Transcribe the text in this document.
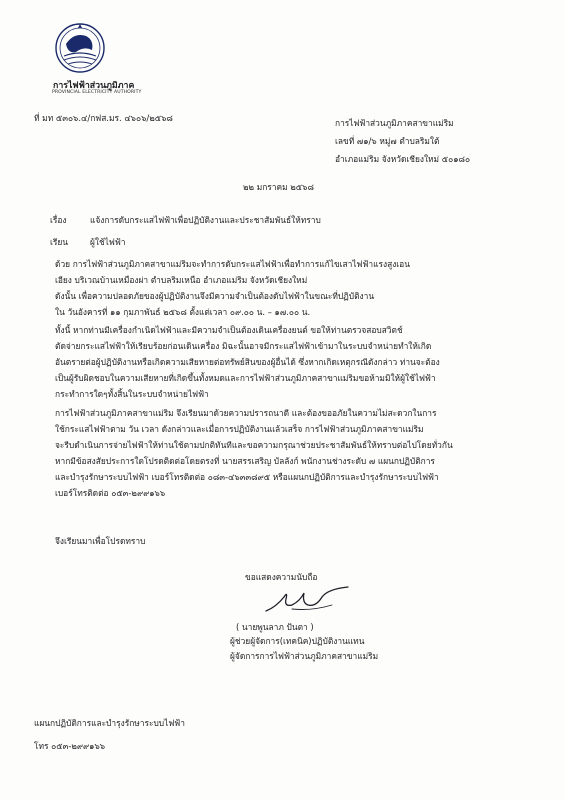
การไฟฟ้าส่วนภูมิภาค
PROVINCIAL ELECTRICITY AUTHORITY
ที่ มท ๕๓๐๖.๔/กฟส.มร. ๔๖๐๖/๒๕๖๘	การไฟฟ้าส่วนภูมิภาคสาขาแม่ริม
เลขที่ ๗๑/๖ หมู่๗ ตำบลริมใต้
อำเภอแม่ริม จังหวัดเชียงใหม่ ๕๐๑๘๐
๒๒ มกราคม ๒๕๖๘
เรื่อง	แจ้งการดับกระแสไฟฟ้าเพื่อปฏิบัติงานและประชาสัมพันธ์ให้ทราบ
เรียน	ผู้ใช้ไฟฟ้า
ด้วย การไฟฟ้าส่วนภูมิภาคสาขาแม่ริมจะทำการดับกระแสไฟฟ้าเพื่อทำการแก้ไขเสาไฟฟ้าแรงสูงเอน
เอียง บริเวณบ้านเหมืองผ่า ตำบลริมเหนือ อำเภอแม่ริม จังหวัดเชียงใหม่
ดังนั้น เพื่อความปลอดภัยของผู้ปฏิบัติงานจึงมีความจำเป็นต้องดับไฟฟ้าในขณะที่ปฏิบัติงาน
ใน วันอังคารที่ ๑๑ กุมภาพันธ์ ๒๕๖๘ ตั้งแต่เวลา ๐๙.๐๐ น. – ๑๗.๐๐ น.
ทั้งนี้ หากท่านมีเครื่องกำเนิดไฟฟ้าและมีความจำเป็นต้องเดินเครื่องยนต์ ขอให้ท่านตรวจสอบสวิตช์
ตัดจ่ายกระแสไฟฟ้าให้เรียบร้อยก่อนเดินเครื่อง มิฉะนั้นอาจมีกระแสไฟฟ้าเข้ามาในระบบจำหน่ายทำให้เกิด
อันตรายต่อผู้ปฏิบัติงานหรือเกิดความเสียหายต่อทรัพย์สินของผู้อื่นได้ ซึ่งหากเกิดเหตุกรณีดังกล่าว ท่านจะต้อง
เป็นผู้รับผิดชอบในความเสียหายที่เกิดขึ้นทั้งหมดและการไฟฟ้าส่วนภูมิภาคสาขาแม่ริมขอห้ามมิให้ผู้ใช้ไฟฟ้า
กระทำการใดๆทั้งสิ้นในระบบจำหน่ายไฟฟ้า
การไฟฟ้าส่วนภูมิภาคสาขาแม่ริม จึงเรียนมาด้วยความปรารถนาดี และต้องขออภัยในความไม่สะดวกในการ
ใช้กระแสไฟฟ้าตาม วัน เวลา ดังกล่าวและเมื่อการปฏิบัติงานแล้วเสร็จ การไฟฟ้าส่วนภูมิภาคสาขาแม่ริม
จะรีบดำเนินการจ่ายไฟฟ้าให้ท่านใช้ตามปกติทันทีและขอความกรุณาช่วยประชาสัมพันธ์ให้ทราบต่อไปโดยทั่วกัน
หากมีข้อสงสัยประการใดโปรดติดต่อโดยตรงที่ นายสรรเสริญ บัลลังก์ พนักงานช่างระดับ ๗ แผนกปฏิบัติการ
และบำรุงรักษาระบบไฟฟ้า เบอร์โทรติดต่อ ๐๘๓-๔๖๓๓๘๙๕ หรือแผนกปฏิบัติการและบำรุงรักษาระบบไฟฟ้า
เบอร์โทรติดต่อ ๐๕๓-๒๙๙๑๖๖
จึงเรียนมาเพื่อโปรดทราบ
ขอแสดงความนับถือ
( นายพูนลาภ ปันตา )
ผู้ช่วยผู้จัดการ(เทคนิค)ปฏิบัติงานแทน
ผู้จัดการการไฟฟ้าส่วนภูมิภาคสาขาแม่ริม
แผนกปฏิบัติการและบำรุงรักษาระบบไฟฟ้า
โทร ๐๕๓-๒๙๙๑๖๖
